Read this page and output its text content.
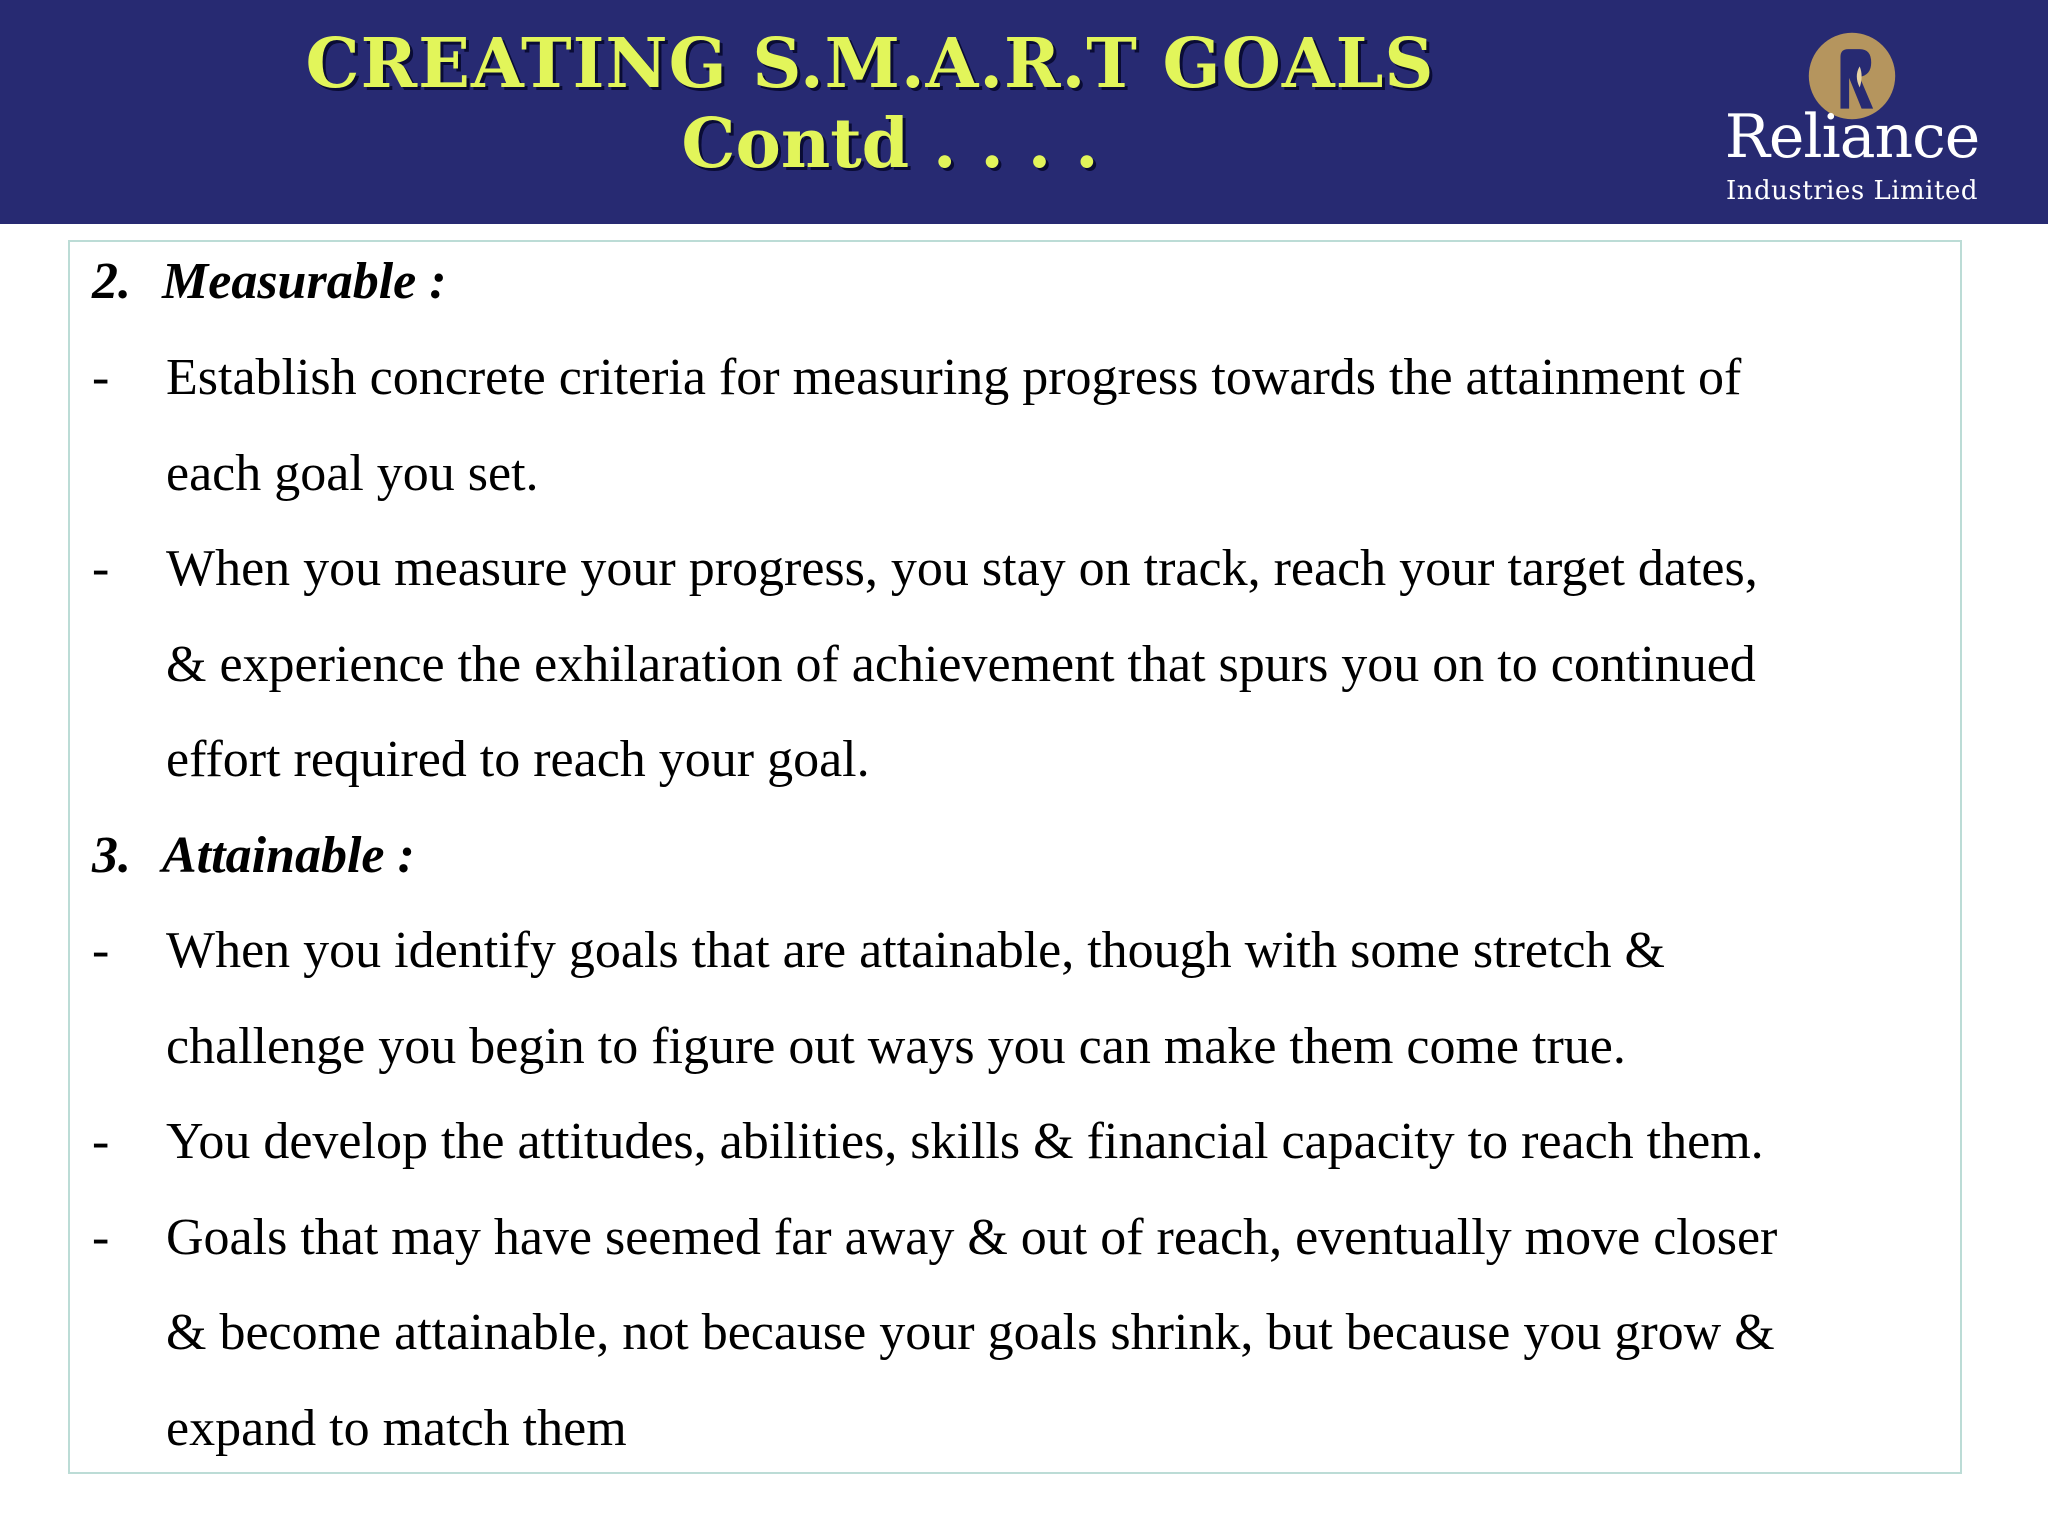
CREATING S.M.A.R.T GOALS
Contd . . . .	Reliance
Industries Limited
2. Measurable :
- Establish concrete criteria for measuring progress towards the attainment of
each goal you set.
- When you measure your progress, you stay on track, reach your target dates,
& experience the exhilaration of achievement that spurs you on to continued
effort required to reach your goal.
3. Attainable :
- When you identify goals that are attainable, though with some stretch &
challenge you begin to figure out ways you can make them come true.
- You develop the attitudes, abilities, skills & financial capacity to reach them.
- Goals that may have seemed far away & out of reach, eventually move closer
& become attainable, not because your goals shrink, but because you grow &
expand to match them
